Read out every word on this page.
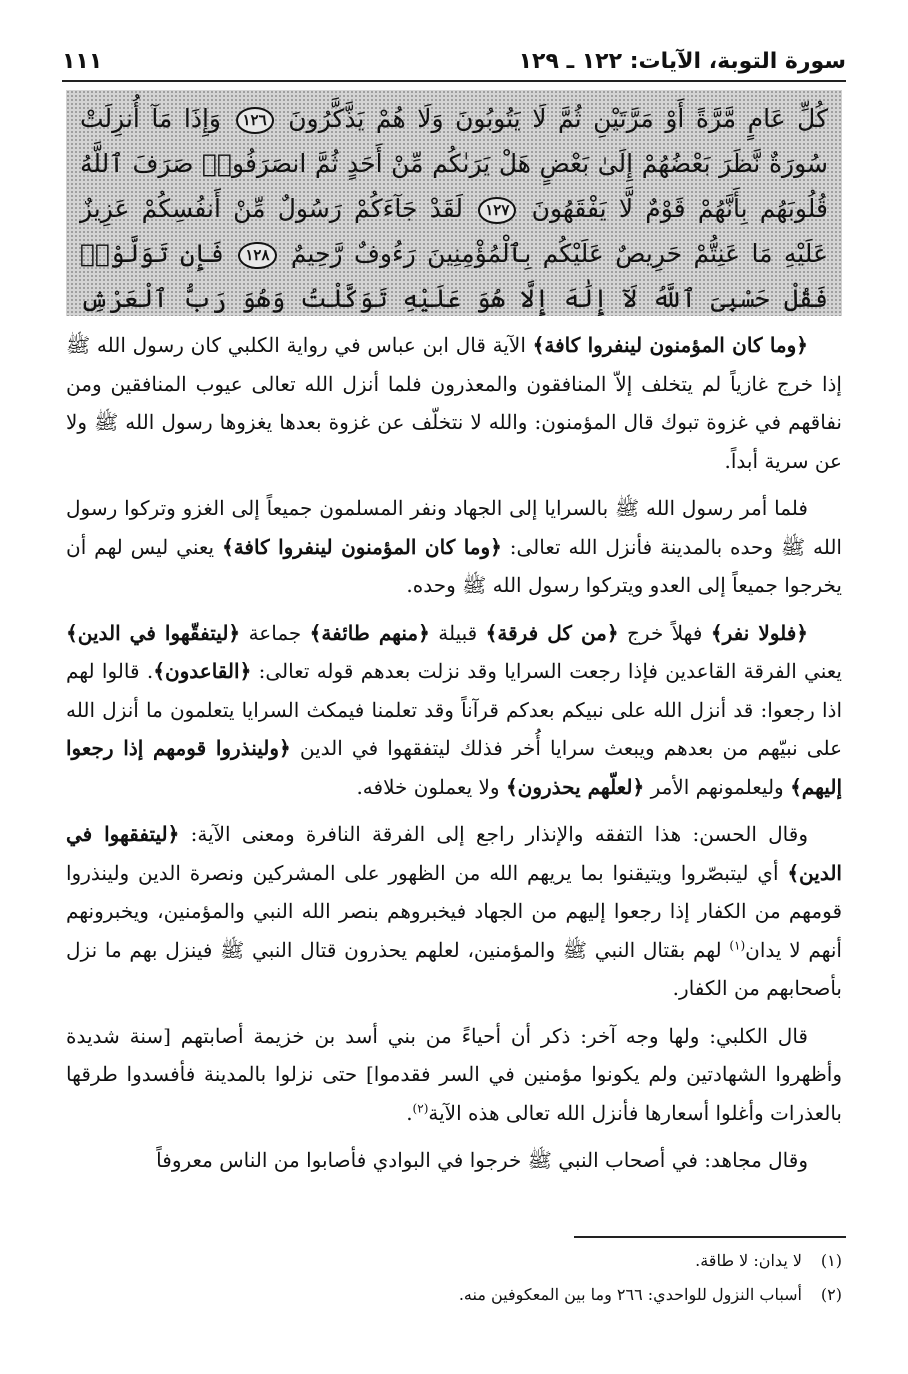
سورة التوبة، الآيات: ١٢٢ ـ ١٢٩
١١١
كُلِّ عَامٍ مَّرَّةً أَوْ مَرَّتَيْنِ ثُمَّ لَا يَتُوبُونَ وَلَا هُمْ يَذَّكَّرُونَ ١٢٦ وَإِذَا مَآ أُنزِلَتْ سُورَةٌ نَّظَرَ بَعْضُهُمْ إِلَىٰ بَعْضٍ هَلْ يَرَىٰكُم مِّنْ أَحَدٍ ثُمَّ انصَرَفُوا۟ صَرَفَ ٱللَّهُ قُلُوبَهُم بِأَنَّهُمْ قَوْمٌ لَّا يَفْقَهُونَ ١٢٧ لَقَدْ جَآءَكُمْ رَسُولٌ مِّنْ أَنفُسِكُمْ عَزِيزٌ عَلَيْهِ مَا عَنِتُّمْ حَرِيصٌ عَلَيْكُم بِٱلْمُؤْمِنِينَ رَءُوفٌ رَّحِيمٌ ١٢٨ فَإِن تَوَلَّوْا۟ فَقُلْ حَسْبِىَ ٱللَّهُ لَآ إِلَٰهَ إِلَّا هُوَ عَلَيْهِ تَوَكَّلْتُ وَهُوَ رَبُّ ٱلْعَرْشِ

﴿وما كان المؤمنون لينفروا كافة﴾ الآية قال ابن عباس في رواية الكلبي كان رسول الله ﷺ إذا خرج غازياً لم يتخلف إلاّ المنافقون والمعذرون فلما أنزل الله تعالى عيوب المنافقين ومن نفاقهم في غزوة تبوك قال المؤمنون: والله لا نتخلّف عن غزوة بعدها يغزوها رسول الله ﷺ ولا عن سرية أبداً.

فلما أمر رسول الله ﷺ بالسرايا إلى الجهاد ونفر المسلمون جميعاً إلى الغزو وتركوا رسول الله ﷺ وحده بالمدينة فأنزل الله تعالى: ﴿وما كان المؤمنون لينفروا كافة﴾ يعني ليس لهم أن يخرجوا جميعاً إلى العدو ويتركوا رسول الله ﷺ وحده.

﴿فلولا نفر﴾ فهلاً خرج ﴿من كل فرقة﴾ قبيلة ﴿منهم طائفة﴾ جماعة ﴿ليتفقّهوا في الدين﴾ يعني الفرقة القاعدين فإذا رجعت السرايا وقد نزلت بعدهم قوله تعالى: ﴿القاعدون﴾. قالوا لهم اذا رجعوا: قد أنزل الله على نبيكم بعدكم قرآناً وقد تعلمنا فيمكث السرايا يتعلمون ما أنزل الله على نبيّهم من بعدهم ويبعث سرايا أُخر فذلك ليتفقهوا في الدين ﴿ولينذروا قومهم إذا رجعوا إليهم﴾ وليعلمونهم الأمر ﴿لعلّهم يحذرون﴾ ولا يعملون خلافه.

وقال الحسن: هذا التفقه والإنذار راجع إلى الفرقة النافرة ومعنى الآية: ﴿ليتفقهوا في الدين﴾ أي ليتبصّروا ويتيقنوا بما يريهم الله من الظهور على المشركين ونصرة الدين ولينذروا قومهم من الكفار إذا رجعوا إليهم من الجهاد فيخبروهم بنصر الله النبي والمؤمنين، ويخبرونهم أنهم لا يدان$^{(١)}$ لهم بقتال النبي ﷺ والمؤمنين، لعلهم يحذرون قتال النبي ﷺ فينزل بهم ما نزل بأصحابهم من الكفار.

قال الكلبي: ولها وجه آخر: ذكر أن أحياءً من بني أسد بن خزيمة أصابتهم [سنة شديدة وأظهروا الشهادتين ولم يكونوا مؤمنين في السر فقدموا] حتى نزلوا بالمدينة فأفسدوا طرقها بالعذرات وأغلوا أسعارها فأنزل الله تعالى هذه الآية$^{(٢)}$.

وقال مجاهد: في أصحاب النبي ﷺ خرجوا في البوادي فأصابوا من الناس معروفاً

(١)
لا يدان: لا طاقة.
(٢)
أسباب النزول للواحدي: ٢٦٦ وما بين المعكوفين منه.
